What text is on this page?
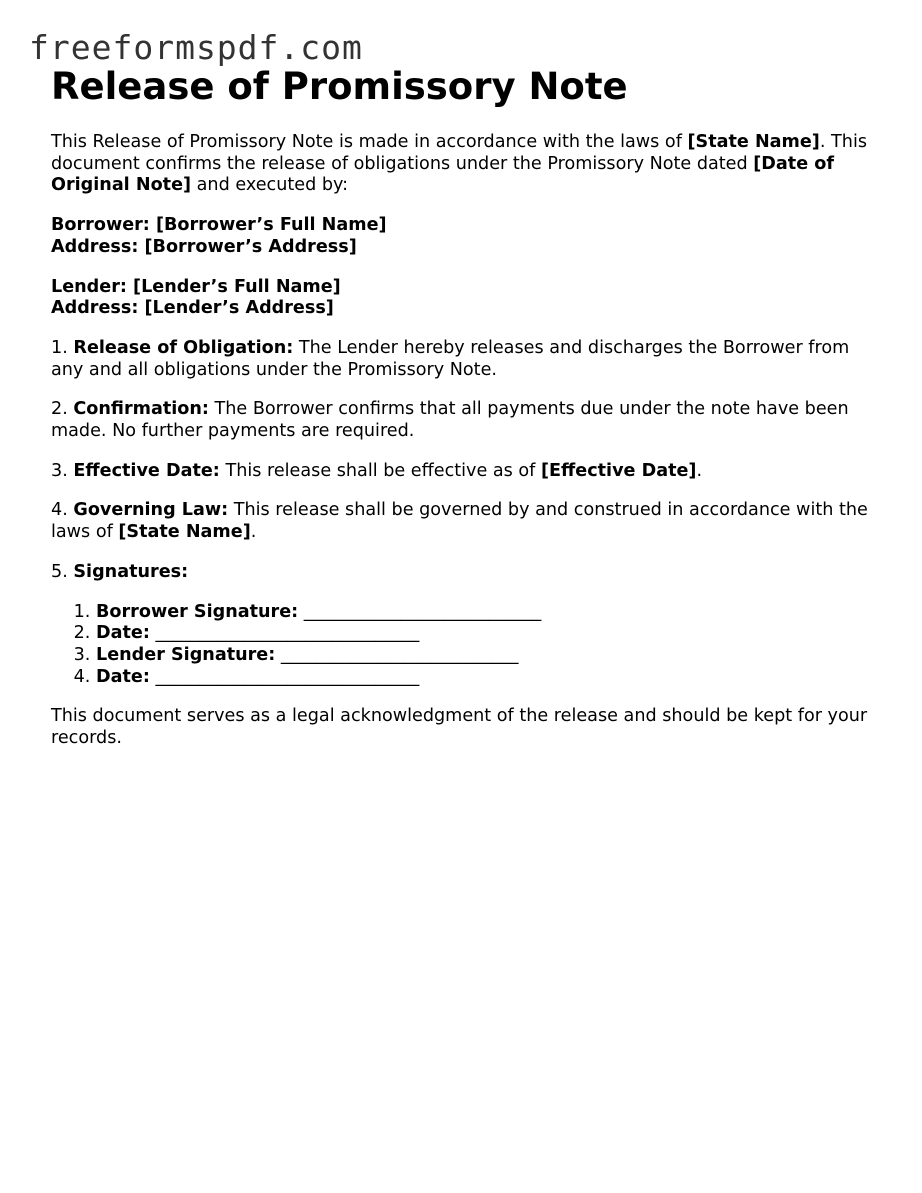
freeformspdf.com
Release of Promissory Note

This Release of Promissory Note is made in accordance with the laws of [State Name]. This document confirms the release of obligations under the Promissory Note dated [Date of Original Note] and executed by:

Borrower: [Borrower’s Full Name]
Address: [Borrower’s Address]

Lender: [Lender’s Full Name]
Address: [Lender’s Address]

1. Release of Obligation: The Lender hereby releases and discharges the Borrower from any and all obligations under the Promissory Note.

2. Confirmation: The Borrower confirms that all payments due under the note have been made. No further payments are required.

3. Effective Date: This release shall be effective as of [Effective Date].

4. Governing Law: This release shall be governed by and construed in accordance with the laws of [State Name].

5. Signatures:

1. Borrower Signature: ___________________________
2. Date: ______________________________
3. Lender Signature: ___________________________
4. Date: ______________________________

This document serves as a legal acknowledgment of the release and should be kept for your records.
